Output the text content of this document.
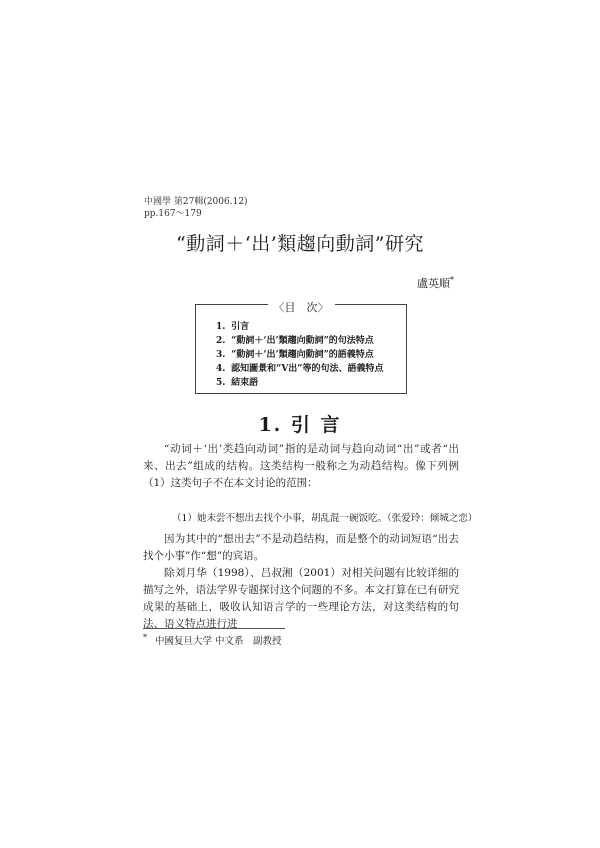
中國學 第27輯(2006.12)
pp.167～179
“動詞＋‘出’類趨向動詞”研究
盧英順*
〈目　次〉
1. 引言
2. “動詞＋‘出’類趨向動詞”的句法特点
3. “動詞＋‘出’類趨向動詞”的語義特点
4. 認知圖景和“V出”等的句法、語義特点
5. 結束語
1. 引 言
“动词＋‘出’类趋向动词”指的是动词与趋向动词“出”或者“出来、出去”组成的结构。这类结构一般称之为动趋结构。像下列例（1）这类句子不在本文讨论的范围：
（1）她未尝不想出去找个小事，胡乱混一碗饭吃。（张爱玲：倾城之恋）
因为其中的“想出去”不是动趋结构，而是整个的动词短语“出去找个小事”作“想”的宾语。
除刘月华（1998）、吕叔湘（2001）对相关问题有比较详细的描写之外，语法学界专题探讨这个问题的不多。本文打算在已有研究成果的基础上，吸收认知语言学的一些理论方法，对这类结构的句法、语义特点进行进
* 中國复旦大学 中文系　副教授
